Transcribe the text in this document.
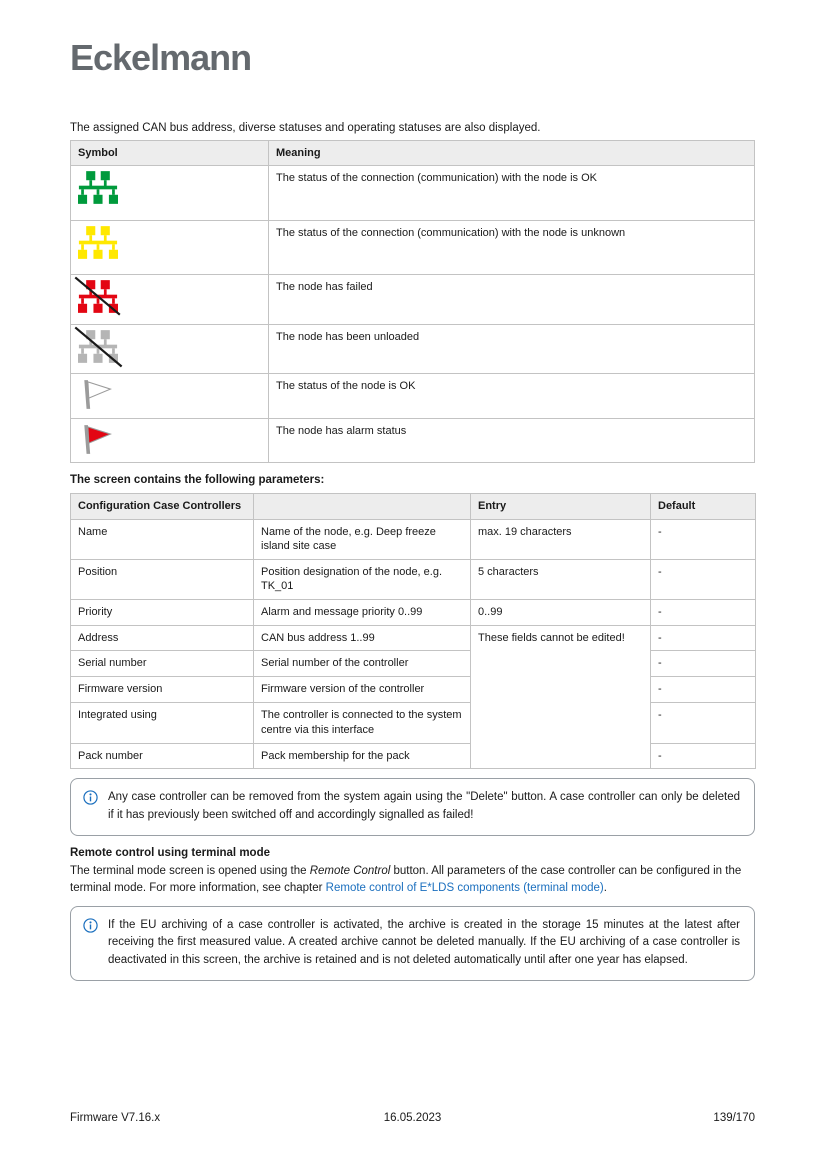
Eckelmann

The assigned CAN bus address, diverse statuses and operating statuses are also displayed.

Symbol	Meaning

	The status of the connection (communication) with the node is OK

	The status of the connection (communication) with the node is unknown

	The node has failed

	The node has been unloaded

	The status of the node is OK

	The node has alarm status
The screen contains the following parameters:
Configuration Case Controllers		Entry	Default
Name	Name of the node, e.g. Deep freeze island site case	max. 19 characters	-
Position	Position designation of the node, e.g. TK_01	5 characters	-
Priority	Alarm and message priority 0..99	0..99	-
Address	CAN bus address 1..99	These fields cannot be edited!	-
Serial number	Serial number of the controller		-
Firmware version	Firmware version of the controller		-
Integrated using	The controller is connected to the system centre via this interface		-
Pack number	Pack membership for the pack		-

Any case controller can be removed from the system again using the "Delete" button. A case controller can only be deleted if it has previously been switched off and accordingly signalled as failed!

Remote control using terminal mode

The terminal mode screen is opened using the Remote Control button. All parameters of the case controller can be configured in the terminal mode. For more information, see chapter Remote control of E*LDS components (terminal mode).

If the EU archiving of a case controller is activated, the archive is created in the storage 15 minutes at the latest after receiving the first measured value. A created archive cannot be deleted manually. If the EU archiving of a case controller is deactivated in this screen, the archive is retained and is not deleted automatically until after one year has elapsed.

Firmware V7.16.x	16.05.2023	139/170
